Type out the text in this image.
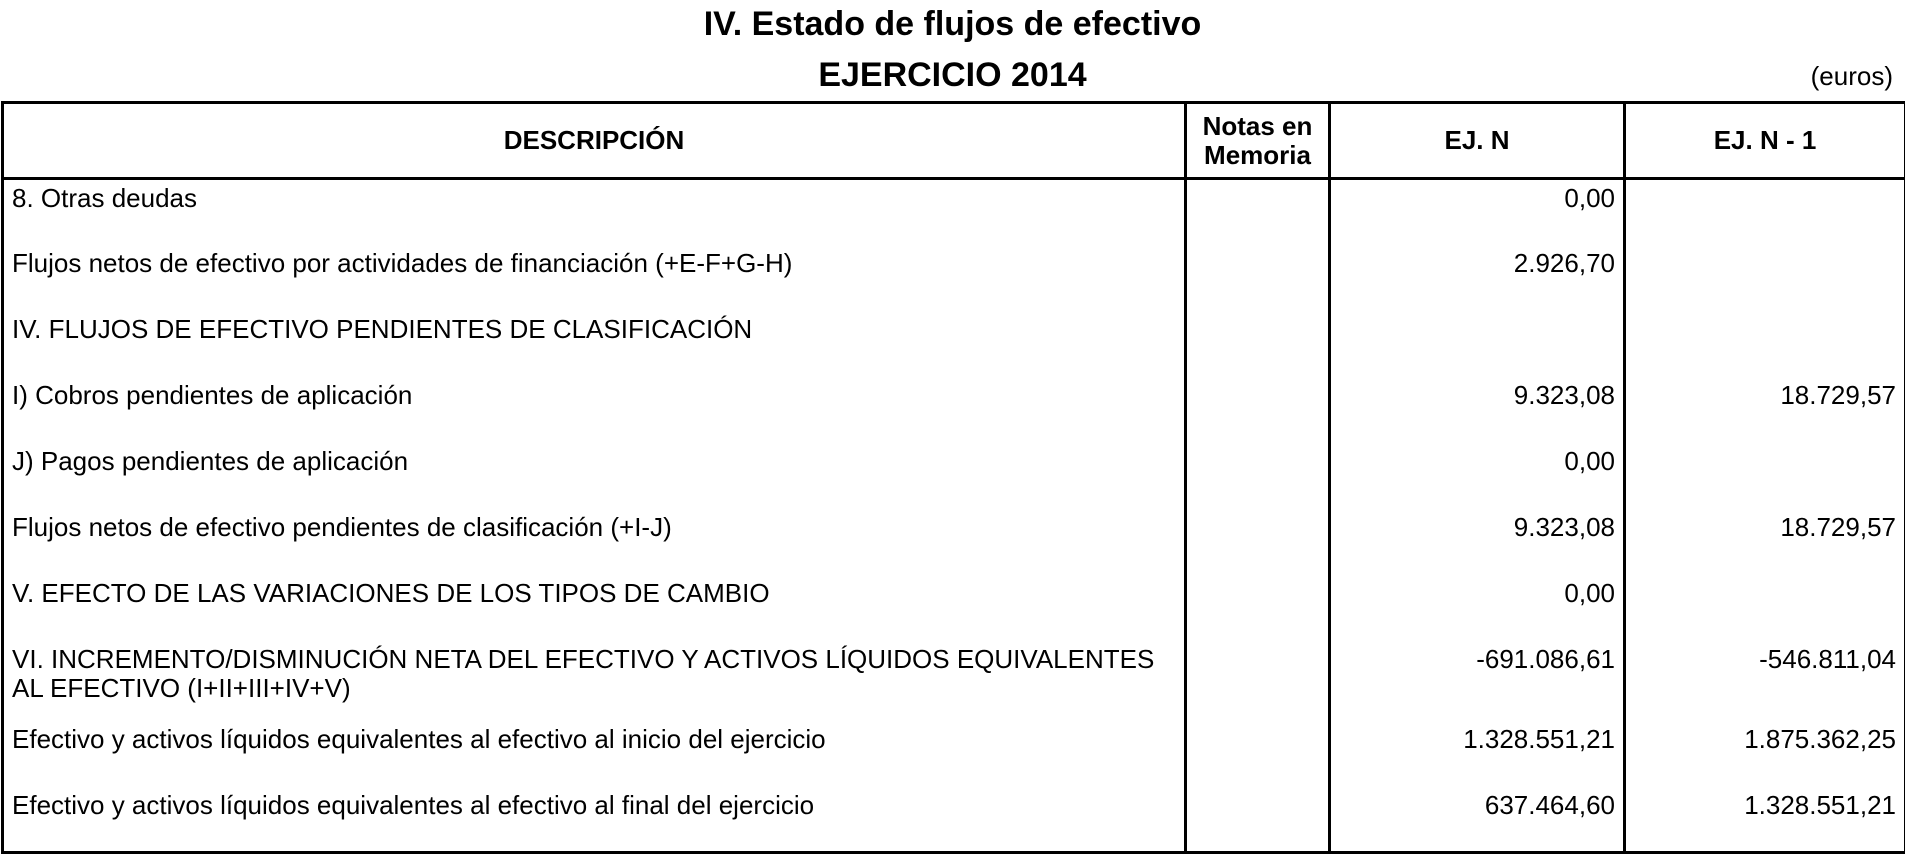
IV. Estado de flujos de efectivo
EJERCICIO 2014	(euros)
DESCRIPCIÓN	Notas en Memoria	EJ. N	EJ. N - 1
8. Otras deudas		0,00	
Flujos netos de efectivo por actividades de financiación (+E-F+G-H)		2.926,70	
IV. FLUJOS DE EFECTIVO PENDIENTES DE CLASIFICACIÓN			
I) Cobros pendientes de aplicación		9.323,08	18.729,57
J) Pagos pendientes de aplicación		0,00	
Flujos netos de efectivo pendientes de clasificación (+I-J)		9.323,08	18.729,57
V. EFECTO DE LAS VARIACIONES DE LOS TIPOS DE CAMBIO		0,00	
VI. INCREMENTO/DISMINUCIÓN NETA DEL EFECTIVO Y ACTIVOS LÍQUIDOS EQUIVALENTES AL EFECTIVO (I+II+III+IV+V)		-691.086,61	-546.811,04
Efectivo y activos líquidos equivalentes al efectivo al inicio del ejercicio		1.328.551,21	1.875.362,25
Efectivo y activos líquidos equivalentes al efectivo al final del ejercicio		637.464,60	1.328.551,21
